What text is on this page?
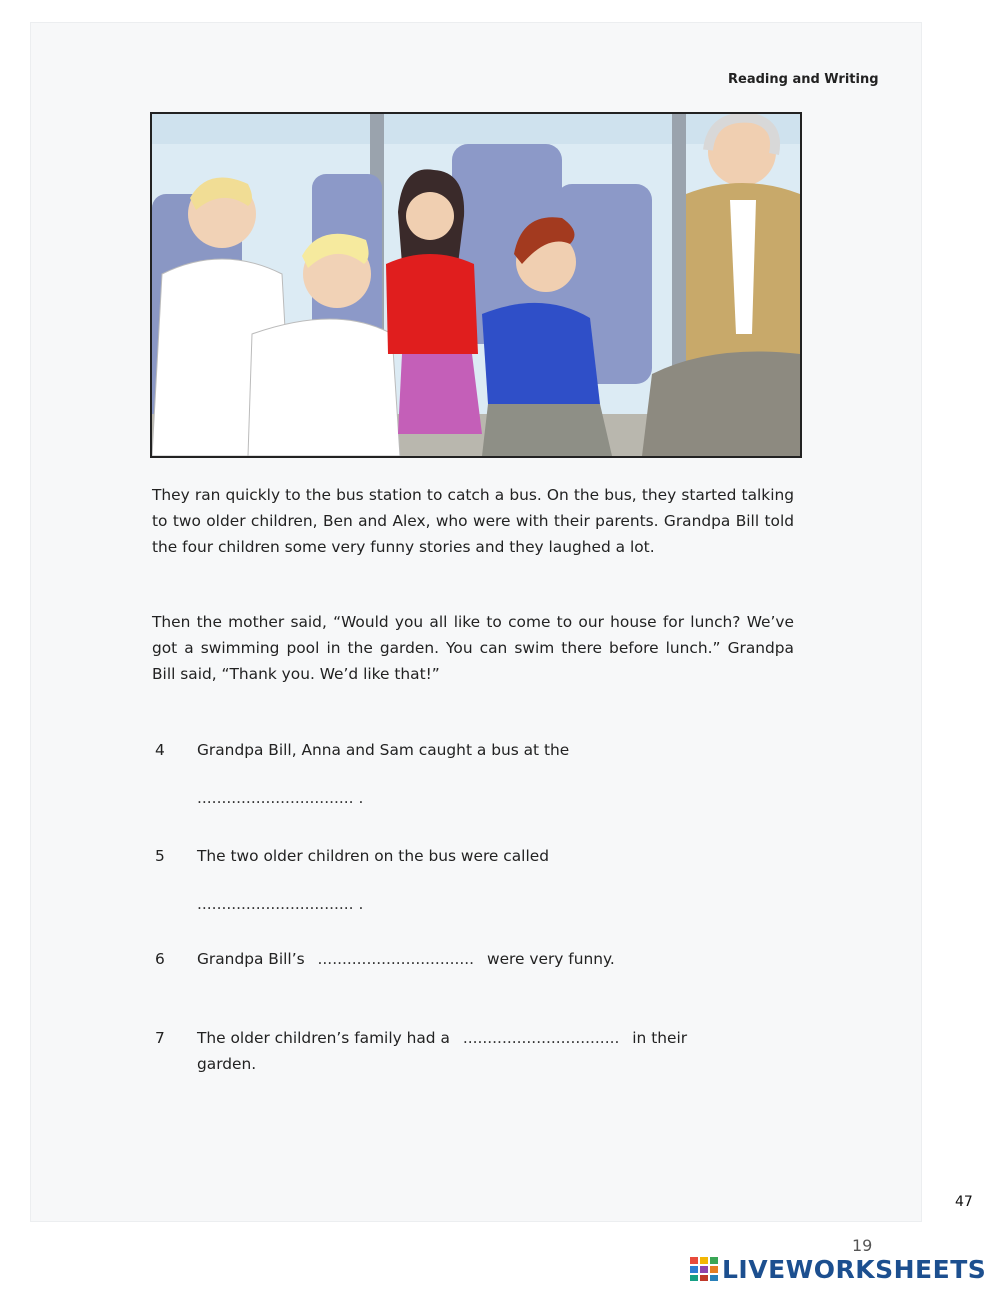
Reading and Writing

They ran quickly to the bus station to catch a bus. On the bus, they started talking to two older children, Ben and Alex, who were with their parents. Grandpa Bill told the four children some very funny stories and they laughed a lot.

Then the mother said, “Would you all like to come to our house for lunch? We’ve got a swimming pool in the garden. You can swim there before lunch.” Grandpa Bill said, “Thank you. We’d like that!”

4 Grandpa Bill, Anna and Sam caught a bus at the
................................ .
5 The two older children on the bus were called
................................ .
6 Grandpa Bill’s ................................ were very funny.
7 The older children’s family had a ................................ in their
garden.
47
19
LIVEWORKSHEETS
